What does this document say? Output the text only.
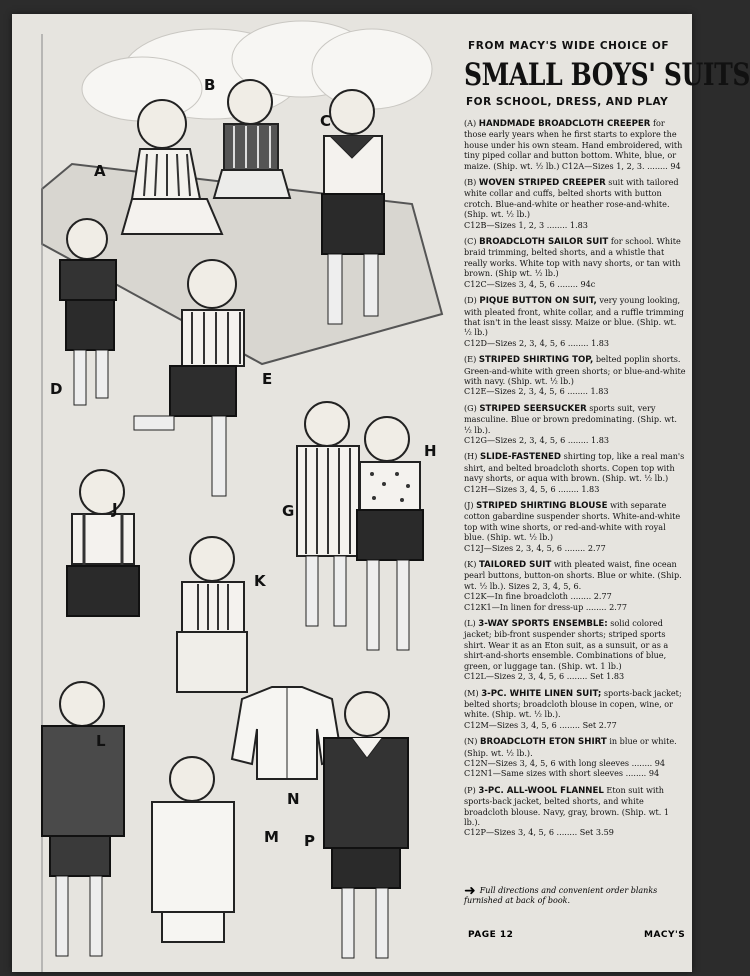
A
B
C
D
E
G
H
J
K
L
M
N
P
FROM MACY'S WIDE CHOICE OF
SMALL BOYS' SUITS
FOR SCHOOL, DRESS, AND PLAY
(A) HANDMADE BROADCLOTH CREEPER for those early years when he first starts to explore the house under his own steam. Hand embroidered, with tiny piped collar and button bottom. White, blue, or maize. (Ship. wt. ½ lb.) C12A—Sizes 1, 2, 3. ........ 94
(B) WOVEN STRIPED CREEPER suit with tailored white collar and cuffs, belted shorts with button crotch. Blue-and-white or heather rose-and-white. (Ship. wt. ½ lb.)
C12B—Sizes 1, 2, 3 ........ 1.83
(C) BROADCLOTH SAILOR SUIT for school. White braid trimming, belted shorts, and a whistle that really works. White top with navy shorts, or tan with brown. (Ship wt. ½ lb.)
C12C—Sizes 3, 4, 5, 6 ........ 94c
(D) PIQUE BUTTON ON SUIT, very young looking, with pleated front, white collar, and a ruffle trimming that isn't in the least sissy. Maize or blue. (Ship. wt. ½ lb.)
C12D—Sizes 2, 3, 4, 5, 6 ........ 1.83
(E) STRIPED SHIRTING TOP, belted poplin shorts. Green-and-white with green shorts; or blue-and-white with navy. (Ship. wt. ½ lb.)
C12E—Sizes 2, 3, 4, 5, 6 ........ 1.83
(G) STRIPED SEERSUCKER sports suit, very masculine. Blue or brown predominating. (Ship. wt. ½ lb.).
C12G—Sizes 2, 3, 4, 5, 6 ........ 1.83
(H) SLIDE-FASTENED shirting top, like a real man's shirt, and belted broadcloth shorts. Copen top with navy shorts, or aqua with brown. (Ship. wt. ½ lb.)
C12H—Sizes 3, 4, 5, 6 ........ 1.83
(J) STRIPED SHIRTING BLOUSE with separate cotton gabardine suspender shorts. White-and-white top with wine shorts, or red-and-white with royal blue. (Ship. wt. ½ lb.)
C12J—Sizes 2, 3, 4, 5, 6 ........ 2.77
(K) TAILORED SUIT with pleated waist, fine ocean pearl buttons, button-on shorts. Blue or white. (Ship. wt. ½ lb.). Sizes 2, 3, 4, 5, 6.
C12K—In fine broadcloth ........ 2.77
C12K1—In linen for dress-up ........ 2.77
(L) 3-WAY SPORTS ENSEMBLE: solid colored jacket; bib-front suspender shorts; striped sports shirt. Wear it as an Eton suit, as a sunsuit, or as a shirt-and-shorts ensemble. Combinations of blue, green, or luggage tan. (Ship. wt. 1 lb.)
C12L—Sizes 2, 3, 4, 5, 6 ........ Set 1.83
(M) 3-PC. WHITE LINEN SUIT; sports-back jacket; belted shorts; broadcloth blouse in copen, wine, or white. (Ship. wt. ½ lb.).
C12M—Sizes 3, 4, 5, 6 ........ Set 2.77
(N) BROADCLOTH ETON SHIRT in blue or white. (Ship. wt. ½ lb.).
C12N—Sizes 3, 4, 5, 6 with long sleeves ........ 94
C12N1—Same sizes with short sleeves ........ 94
(P) 3-PC. ALL-WOOL FLANNEL Eton suit with sports-back jacket, belted shorts, and white broadcloth blouse. Navy, gray, brown. (Ship. wt. 1 lb.).
C12P—Sizes 3, 4, 5, 6 ........ Set 3.59
➜ Full directions and convenient order blanks furnished at back of book.
PAGE 12	MACY'S
